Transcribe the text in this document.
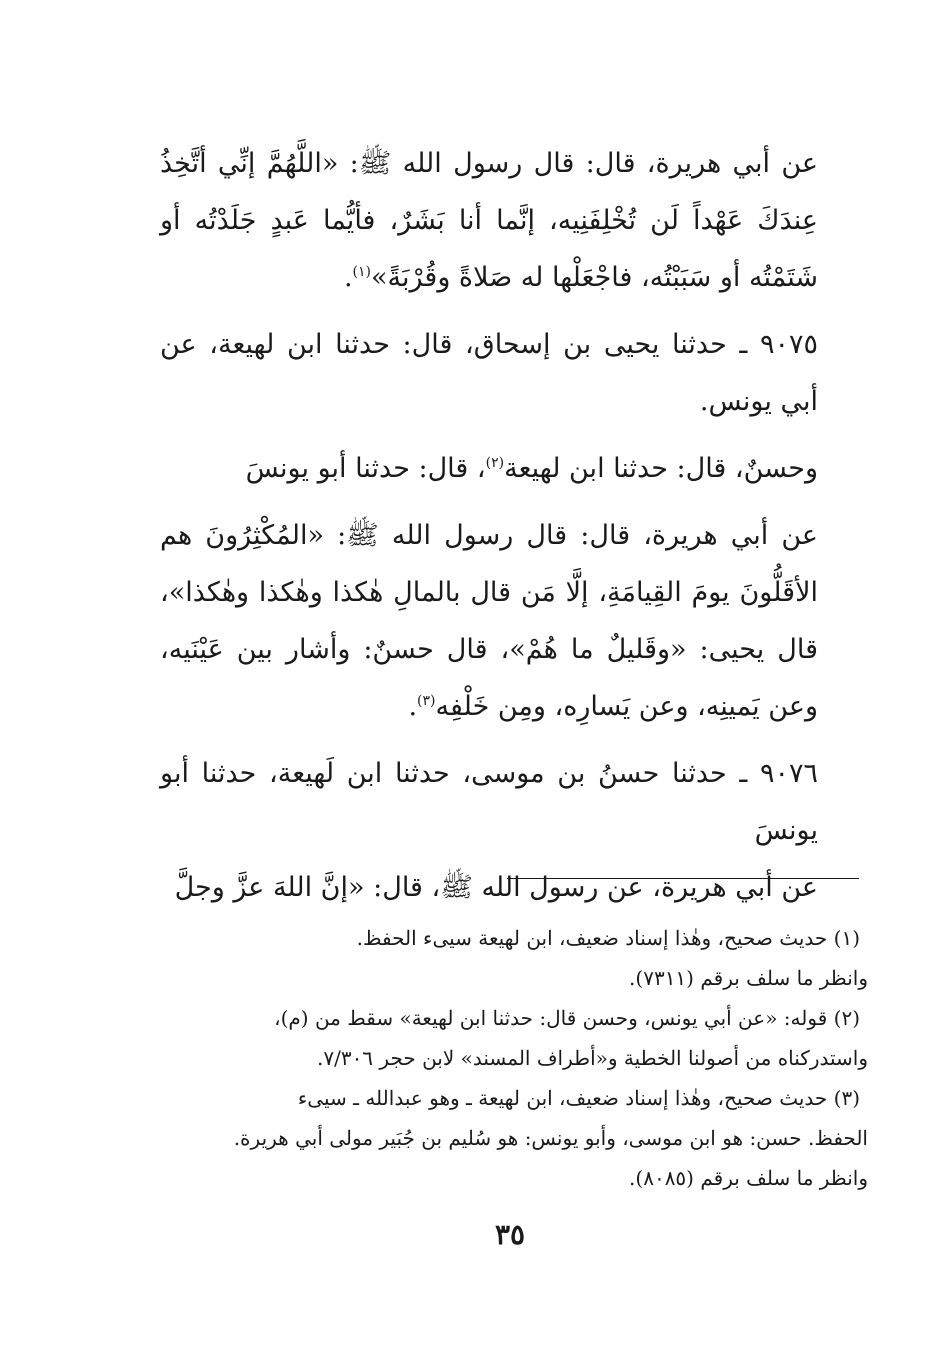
عن أبي هريرة، قال: قال رسول الله ﷺ: «اللَّهُمَّ إنِّي أتَّخِذُ عِندَكَ عَهْداً لَن تُخْلِفَنِيه، إنَّما أنا بَشَرٌ، فأيُّما عَبدٍ جَلَدْتُه أو شَتَمْتُه أو سَبَبْتُه، فاجْعَلْها له صَلاةً وقُرْبَةً»$^{(١)}$.

٩٠٧٥ ـ حدثنا يحيى بن إسحاق، قال: حدثنا ابن لهيعة، عن أبي يونس.

وحسنٌ، قال: حدثنا ابن لهيعة$^{(٢)}$، قال: حدثنا أبو يونسَ

عن أبي هريرة، قال: قال رسول الله ﷺ: «المُكْثِرُونَ هم الأقَلُّونَ يومَ القِيامَةِ، إلَّا مَن قال بالمالِ هٰكذا وهٰكذا وهٰكذا»، قال يحيى: «وقَليلٌ ما هُمْ»، قال حسنٌ: وأشار بين عَيْنَيه، وعن يَمينِه، وعن يَسارِه، ومِن خَلْفِه$^{(٣)}$.

٩٠٧٦ ـ حدثنا حسنُ بن موسى، حدثنا ابن لَهيعة، حدثنا أبو يونسَ

عن أبي هريرة، عن رسول الله ﷺ، قال: «إنَّ اللهَ عزَّ وجلَّ

(١) حديث صحيح، وهٰذا إسناد ضعيف، ابن لهيعة سيىء الحفظ.
وانظر ما سلف برقم (٧٣١١).

(٢) قوله: «عن أبي يونس، وحسن قال: حدثنا ابن لهيعة» سقط من (م)،
واستدركناه من أصولنا الخطية و«أطراف المسند» لابن حجر ٧/٣٠٦.

(٣) حديث صحيح، وهٰذا إسناد ضعيف، ابن لهيعة ـ وهو عبدالله ـ سيىء
الحفظ. حسن: هو ابن موسى، وأبو يونس: هو سُليم بن جُبَير مولى أبي هريرة.
وانظر ما سلف برقم (٨٠٨٥).

٣٥
